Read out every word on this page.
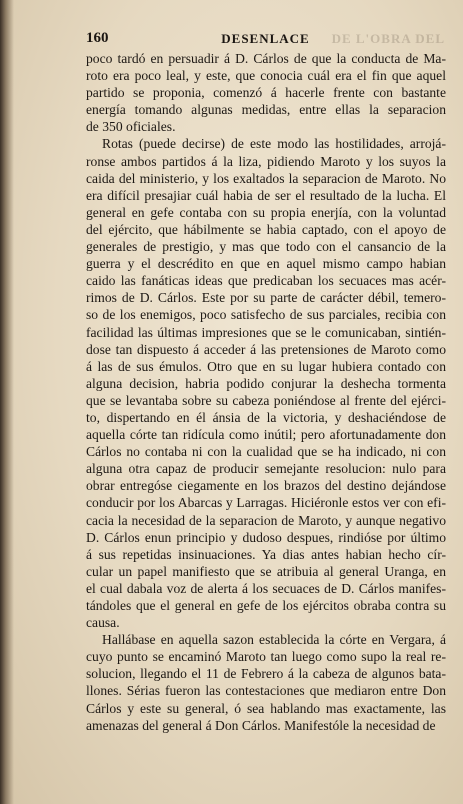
160	DESENLACE	DE L'OBRA DEL
poco tardó en persuadir á D. Cárlos de que la conducta de Ma-
roto era poco leal, y este, que conocia cuál era el fin que aquel
partido se proponia, comenzó á hacerle frente con bastante
energía tomando algunas medidas, entre ellas la separacion
de 350 oficiales.
Rotas (puede decirse) de este modo las hostilidades, arrojá-
ronse ambos partidos á la liza, pidiendo Maroto y los suyos la
caida del ministerio, y los exaltados la separacion de Maroto. No
era difícil presajiar cuál habia de ser el resultado de la lucha. El
general en gefe contaba con su propia enerjía, con la voluntad
del ejército, que hábilmente se habia captado, con el apoyo de
generales de prestigio, y mas que todo con el cansancio de la
guerra y el descrédito en que en aquel mismo campo habian
caido las fanáticas ideas que predicaban los secuaces mas acér-
rimos de D. Cárlos. Este por su parte de carácter débil, temero-
so de los enemigos, poco satisfecho de sus parciales, recibia con
facilidad las últimas impresiones que se le comunicaban, sintién-
dose tan dispuesto á acceder á las pretensiones de Maroto como
á las de sus émulos. Otro que en su lugar hubiera contado con
alguna decision, habria podido conjurar la deshecha tormenta
que se levantaba sobre su cabeza poniéndose al frente del ejérci-
to, dispertando en él ánsia de la victoria, y deshaciéndose de
aquella córte tan ridícula como inútil; pero afortunadamente don
Cárlos no contaba ni con la cualidad que se ha indicado, ni con
alguna otra capaz de producir semejante resolucion: nulo para
obrar entregóse ciegamente en los brazos del destino dejándose
conducir por los Abarcas y Larragas. Hiciéronle estos ver con efi-
cacia la necesidad de la separacion de Maroto, y aunque negativo
D. Cárlos enun principio y dudoso despues, rindióse por último
á sus repetidas insinuaciones. Ya dias antes habian hecho cír-
cular un papel manifiesto que se atribuia al general Uranga, en
el cual dabala voz de alerta á los secuaces de D. Cárlos manifes-
tándoles que el general en gefe de los ejércitos obraba contra su
causa.
Hallábase en aquella sazon establecida la córte en Vergara, á
cuyo punto se encaminó Maroto tan luego como supo la real re-
solucion, llegando el 11 de Febrero á la cabeza de algunos bata-
llones. Sérias fueron las contestaciones que mediaron entre Don
Cárlos y este su general, ó sea hablando mas exactamente, las
amenazas del general á Don Cárlos. Manifestóle la necesidad de
